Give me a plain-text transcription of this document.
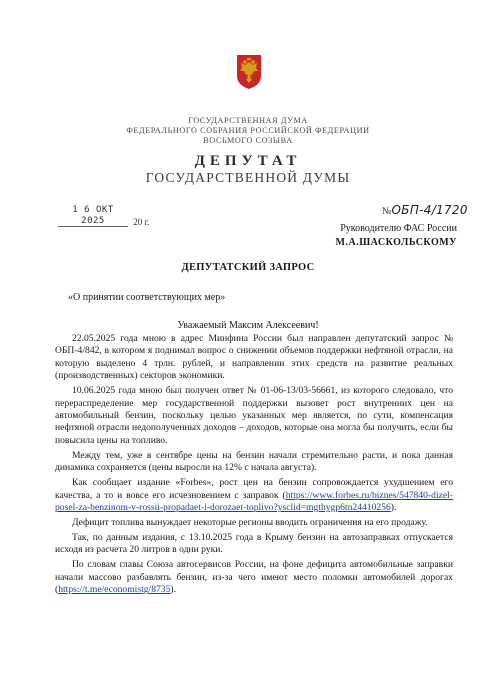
ГОСУДАРСТВЕННАЯ ДУМА
ФЕДЕРАЛЬНОГО СОБРАНИЯ РОССИЙСКОЙ ФЕДЕРАЦИИ
ВОСЬМОГО СОЗЫВА
ДЕПУТАТ
ГОСУДАРСТВЕННОЙ ДУМЫ
1 6 ОКТ 2025	20 г.
№ОБП-4/1720
Руководителю ФАС России
М.А.ШАСКОЛЬСКОМУ
ДЕПУТАТСКИЙ ЗАПРОС
«О принятии соответствующих мер»
Уважаемый Максим Алексеевич!

22.05.2025 года мною в адрес Минфина России был направлен депутатский запрос № ОБП-4/842, в котором я поднимал вопрос о снижении объемов поддержки нефтяной отрасли, на которую выделено 4 трлн. рублей, и направлении этих средств на развитие реальных (производственных) секторов экономики.

10.06.2025 года мною был получен ответ № 01-06-13/03-56661, из которого следовало, что перераспределение мер государственной поддержки вызовет рост внутренних цен на автомобильный бензин, поскольку целью указанных мер является, по сути, компенсация нефтяной отрасли недополученных доходов – доходов, которые она могла бы получить, если бы повысила цены на топливо.

Между тем, уже в сентябре цены на бензин начали стремительно расти, и пока данная динамика сохраняется (цены выросли на 12% с начала августа).

Как сообщает издание «Forbes», рост цен на бензин сопровождается ухудшением его качества, а то и вовсе его исчезновением с заправок (https://www.forbes.ru/biznes/547840-dizel-posel-za-benzinom-v-rossii-propadaet-i-dorozaet-toplivo?ysclid=mgthygp6tn24410256).

Дефицит топлива вынуждает некоторые регионы вводить ограничения на его продажу.

Так, по данным издания, с 13.10.2025 года в Крыму бензин на автозаправках отпускается исходя из расчета 20 литров в одни руки.

По словам главы Союза автосервисов России, на фоне дефицита автомобильные заправки начали массово разбавлять бензин, из-за чего имеют место поломки автомобилей дорогах (https://t.me/economistg/8735).
